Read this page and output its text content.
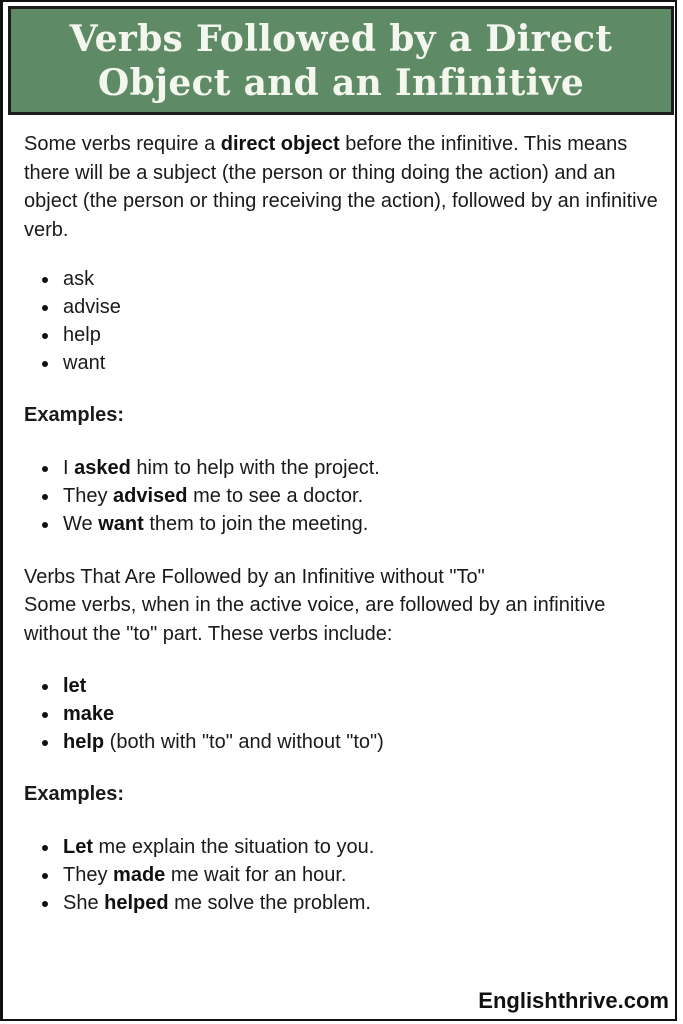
Verbs Followed by a Direct
Object and an Infinitive

Some verbs require a direct object before the infinitive. This means there will be a subject (the person or thing doing the action) and an object (the person or thing receiving the action), followed by an infinitive verb.

ask
advise
help
want

Examples:

I asked him to help with the project.
They advised me to see a doctor.
We want them to join the meeting.

Verbs That Are Followed by an Infinitive without "To"

Some verbs, when in the active voice, are followed by an infinitive without the "to" part. These verbs include:

let
make
help (both with "to" and without "to")

Examples:

Let me explain the situation to you.
They made me wait for an hour.
She helped me solve the problem.
Englishthrive.com
